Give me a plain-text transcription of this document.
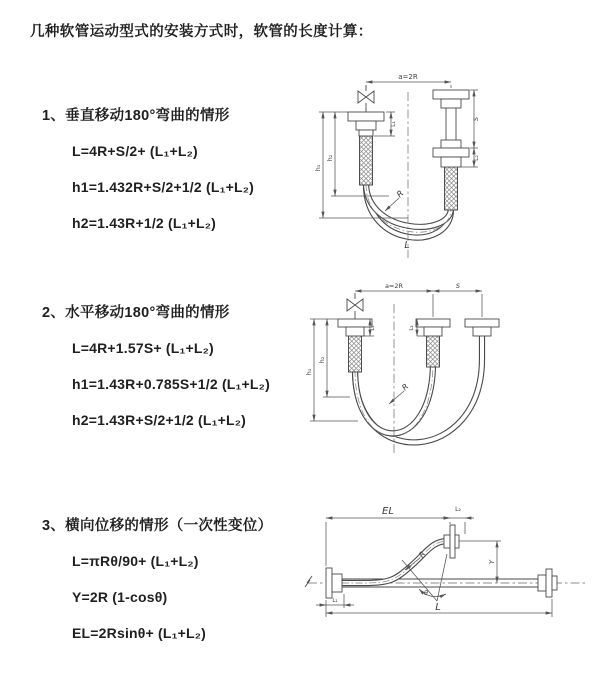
几种软管运动型式的安装方式时，软管的长度计算：
1、垂直移动180°弯曲的情形
L=4R+S/2+ (L₁+L₂)
h1=1.432R+S/2+1/2 (L₁+L₂)
h2=1.43R+1/2 (L₁+L₂)
a=2R
L₁
S
L₂
h₁
h₂
R
L
2、水平移动180°弯曲的情形
L=4R+1.57S+ (L₁+L₂)
h1=1.43R+0.785S+1/2 (L₁+L₂)
h2=1.43R+S/2+1/2 (L₁+L₂)
a=2R	S
L₁	L₂
h₁
h₂
R
3、横向位移的情形（一次性变位）
L=πRθ/90+ (L₁+L₂)
Y=2R (1-cosθ)
EL=2Rsinθ+ (L₁+L₂)
θ
EL	L₂
Y
R
L
L₁
